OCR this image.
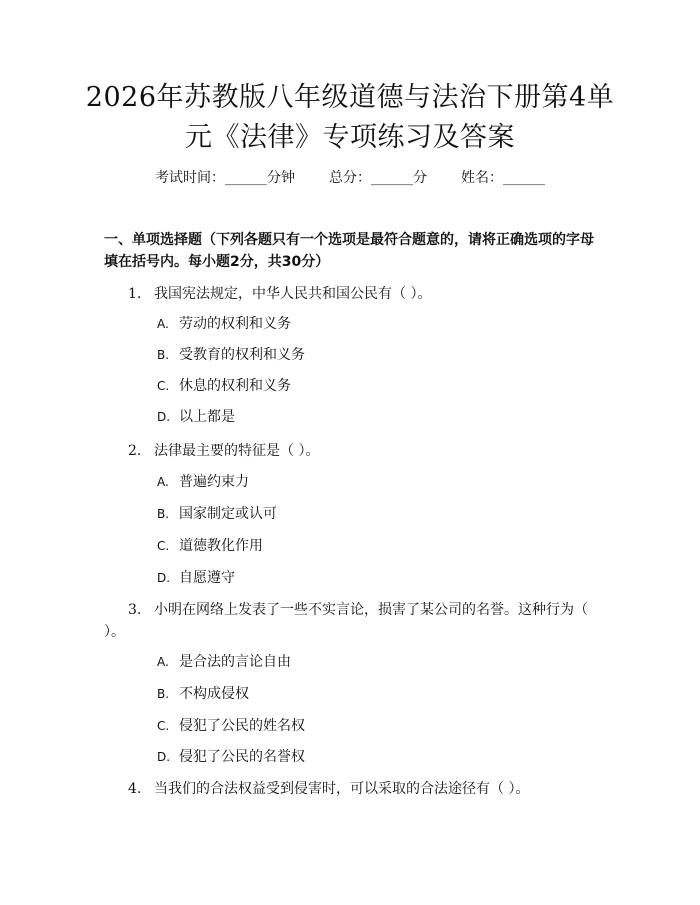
2026年苏教版八年级道德与法治下册第4单
元《法律》专项练习及答案
考试时间：______分钟 总分：______分 姓名：______
一、单项选择题（下列各题只有一个选项是最符合题意的，请将正确选项的字母填在括号内。每小题2分，共30分）
1. 我国宪法规定，中华人民共和国公民有（ ）。
A. 劳动的权利和义务
B. 受教育的权利和义务
C. 休息的权利和义务
D. 以上都是
2. 法律最主要的特征是（ ）。
A. 普遍约束力
B. 国家制定或认可
C. 道德教化作用
D. 自愿遵守
3. 小明在网络上发表了一些不实言论，损害了某公司的名誉。这种行为（ ）。
A. 是合法的言论自由
B. 不构成侵权
C. 侵犯了公民的姓名权
D. 侵犯了公民的名誉权
4. 当我们的合法权益受到侵害时，可以采取的合法途径有（ ）。
